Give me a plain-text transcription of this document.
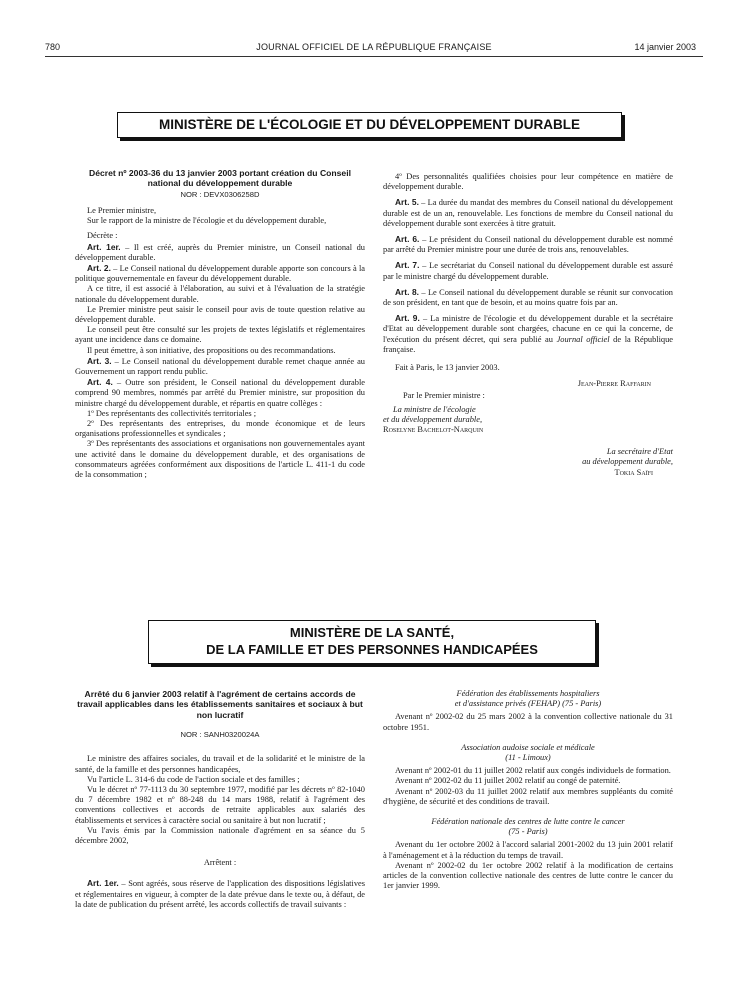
780	JOURNAL OFFICIEL DE LA RÉPUBLIQUE FRANÇAISE	14 janvier 2003
MINISTÈRE DE L'ÉCOLOGIE ET DU DÉVELOPPEMENT DURABLE

Décret nº 2003-36 du 13 janvier 2003 portant création du Conseil national du développement durable

NOR : DEVX0306258D

Le Premier ministre,

Sur le rapport de la ministre de l'écologie et du développement durable,

Décrète :

Art. 1er. – Il est créé, auprès du Premier ministre, un Conseil national du développement durable.

Art. 2. – Le Conseil national du développement durable apporte son concours à la politique gouvernementale en faveur du développement durable.

A ce titre, il est associé à l'élaboration, au suivi et à l'évaluation de la stratégie nationale du développement durable.

Le Premier ministre peut saisir le conseil pour avis de toute question relative au développement durable.

Le conseil peut être consulté sur les projets de textes législatifs et réglementaires ayant une incidence dans ce domaine.

Il peut émettre, à son initiative, des propositions ou des recommandations.

Art. 3. – Le Conseil national du développement durable remet chaque année au Gouvernement un rapport rendu public.

Art. 4. – Outre son président, le Conseil national du développement durable comprend 90 membres, nommés par arrêté du Premier ministre, sur proposition du ministre chargé du développement durable, et répartis en quatre collèges :

1º Des représentants des collectivités territoriales ;

2º Des représentants des entreprises, du monde économique et de leurs organisations professionnelles et syndicales ;

3º Des représentants des associations et organisations non gouvernementales ayant une activité dans le domaine du développement durable, et des organisations de consommateurs agréées conformément aux dispositions de l'article L. 411-1 du code de la consommation ;

4º Des personnalités qualifiées choisies pour leur compétence en matière de développement durable.

Art. 5. – La durée du mandat des membres du Conseil national du développement durable est de un an, renouvelable. Les fonctions de membre du Conseil national du développement durable sont exercées à titre gratuit.

Art. 6. – Le président du Conseil national du développement durable est nommé par arrêté du Premier ministre pour une durée de trois ans, renouvelables.

Art. 7. – Le secrétariat du Conseil national du développement durable est assuré par le ministre chargé du développement durable.

Art. 8. – Le Conseil national du développement durable se réunit sur convocation de son président, en tant que de besoin, et au moins quatre fois par an.

Art. 9. – La ministre de l'écologie et du développement durable et la secrétaire d'Etat au développement durable sont chargées, chacune en ce qui la concerne, de l'exécution du présent décret, qui sera publié au Journal officiel de la République française.

Fait à Paris, le 13 janvier 2003.

Jean-Pierre Raffarin

Par le Premier ministre :

La ministre de l'écologie

et du développement durable,

Roselyne Bachelot-Narquin

La secrétaire d'Etat

au développement durable,

Tokia Saïfi

MINISTÈRE DE LA SANTÉ,
DE LA FAMILLE ET DES PERSONNES HANDICAPÉES

Arrêté du 6 janvier 2003 relatif à l'agrément de certains accords de travail applicables dans les établissements sanitaires et sociaux à but non lucratif

NOR : SANH0320024A

Le ministre des affaires sociales, du travail et de la solidarité et le ministre de la santé, de la famille et des personnes handicapées,

Vu l'article L. 314-6 du code de l'action sociale et des familles ;

Vu le décret nº 77-1113 du 30 septembre 1977, modifié par les décrets nº 82-1040 du 7 décembre 1982 et nº 88-248 du 14 mars 1988, relatif à l'agrément des conventions collectives et accords de retraite applicables aux salariés des établissements et services à caractère social ou sanitaire à but non lucratif ;

Vu l'avis émis par la Commission nationale d'agrément en sa séance du 5 décembre 2002,

Arrêtent :

Art. 1er. – Sont agréés, sous réserve de l'application des dispositions législatives et réglementaires en vigueur, à compter de la date prévue dans le texte ou, à défaut, de la date de publication du présent arrêté, les accords collectifs de travail suivants :

Fédération des établissements hospitaliers

et d'assistance privés (FEHAP) (75 - Paris)

Avenant nº 2002-02 du 25 mars 2002 à la convention collective nationale du 31 octobre 1951.

Association audoise sociale et médicale

(11 - Limoux)

Avenant nº 2002-01 du 11 juillet 2002 relatif aux congés individuels de formation.

Avenant nº 2002-02 du 11 juillet 2002 relatif au congé de paternité.

Avenant nº 2002-03 du 11 juillet 2002 relatif aux membres suppléants du comité d'hygiène, de sécurité et des conditions de travail.

Fédération nationale des centres de lutte contre le cancer

(75 - Paris)

Avenant du 1er octobre 2002 à l'accord salarial 2001-2002 du 13 juin 2001 relatif à l'aménagement et à la réduction du temps de travail.

Avenant nº 2002-02 du 1er octobre 2002 relatif à la modification de certains articles de la convention collective nationale des centres de lutte contre le cancer du 1er janvier 1999.
